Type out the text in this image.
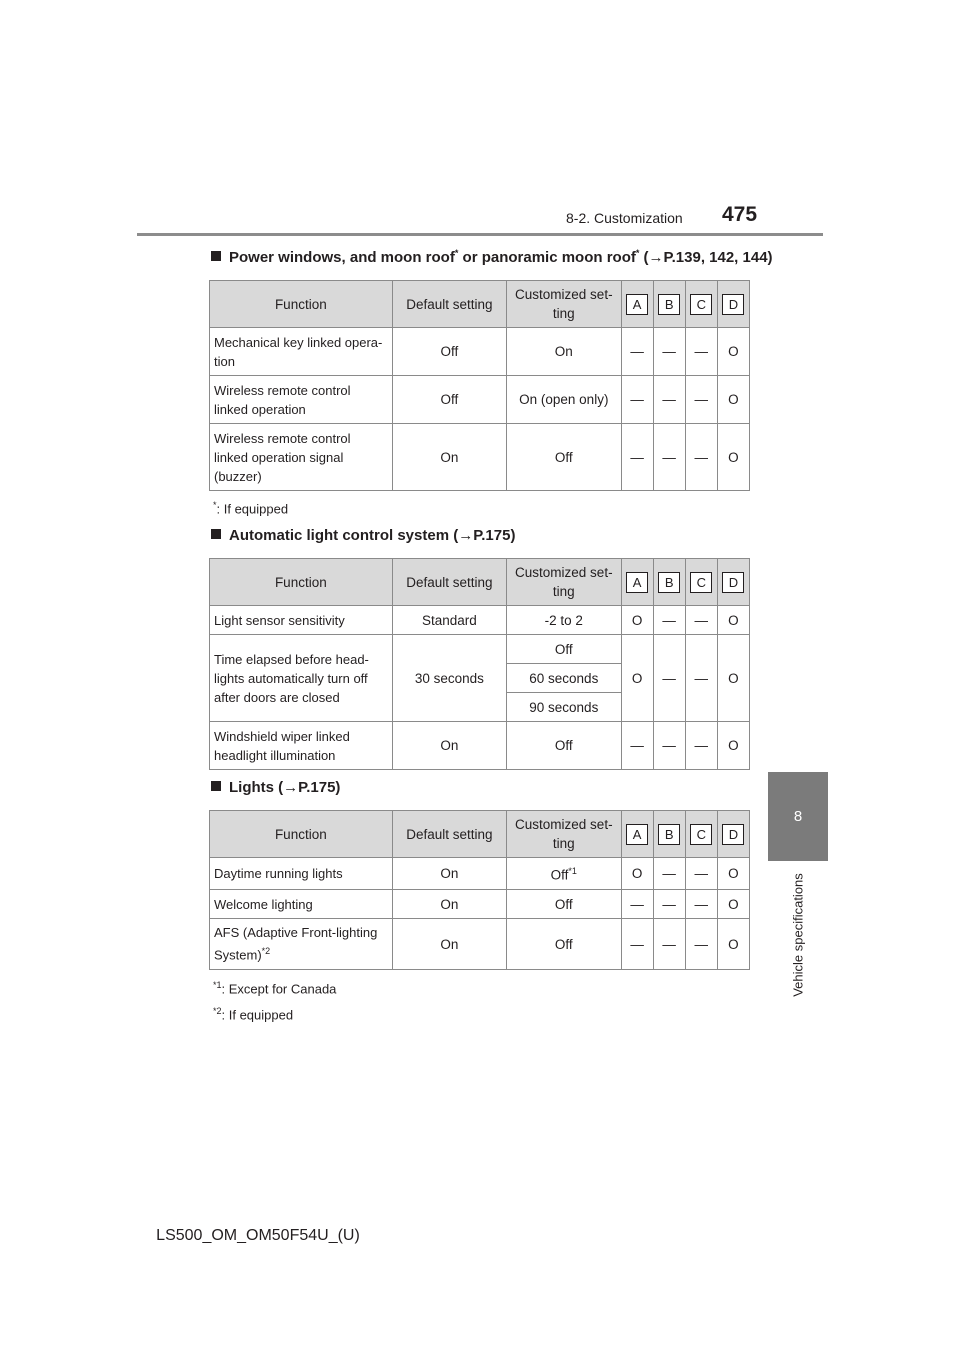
8-2. Customization 475
8
Vehicle specifications
Power windows, and moon roof* or panoramic moon roof* (→P.139, 142, 144)
Function	Default setting	Customized set-
ting	A	B	C	D
Mechanical key linked opera-
tion	Off	On	—	—	—	O
Wireless remote control
linked operation	Off	On (open only)	—	—	—	O
Wireless remote control
linked operation signal
(buzzer)	On	Off	—	—	—	O
*: If equipped
Automatic light control system (→P.175)
Function	Default setting	Customized set-
ting	A	B	C	D
Light sensor sensitivity	Standard	-2 to 2	O	—	—	O
Time elapsed before head-
lights automatically turn off
after doors are closed	30 seconds	Off	O	—	—	O
		60 seconds				
		90 seconds				
Windshield wiper linked
headlight illumination	On	Off	—	—	—	O
Lights (→P.175)
Function	Default setting	Customized set-
ting	A	B	C	D
Daytime running lights	On	Off$^{*1}$	O	—	—	O
Welcome lighting	On	Off	—	—	—	O
AFS (Adaptive Front-lighting
System)$^{*2}$	On	Off	—	—	—	O
$^{*1}$: Except for Canada
$^{*2}$: If equipped
LS500_OM_OM50F54U_(U)
